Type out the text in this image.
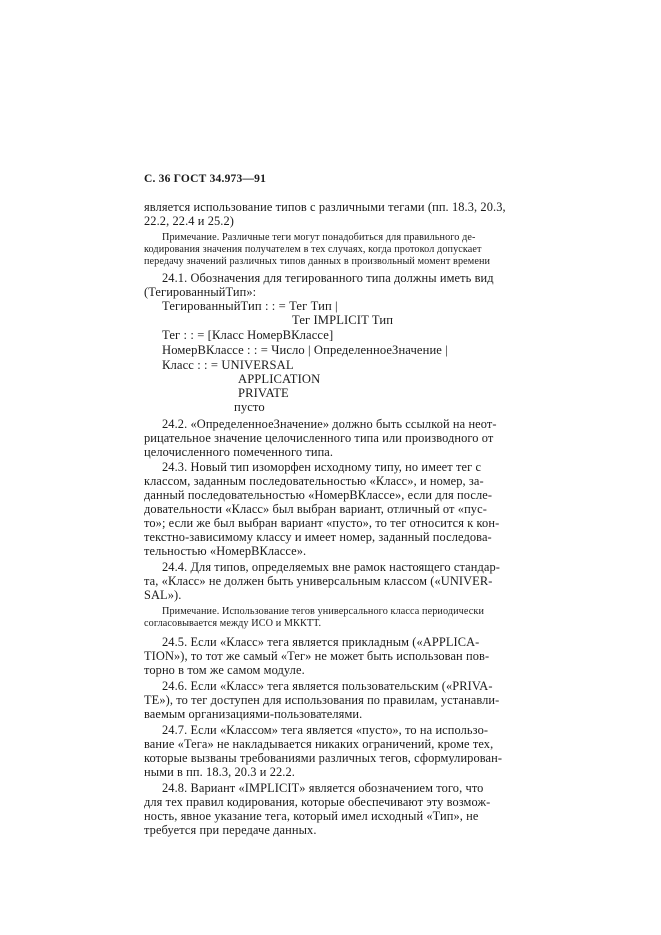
С. 36 ГОСТ 34.973—91

является использование типов с различными тегами (пп. 18.3, 20.3,

22.2, 22.4 и 25.2)

Примечание. Различные теги могут понадобиться для правильного де-

кодирования значения получателем в тех случаях, когда протокол допускает

передачу значений различных типов данных в произвольный момент времени

24.1. Обозначения для тегированного типа должны иметь вид

(ТегированныйТип»:

ТегированныйТип : : = Тег Тип |

Тег IMPLICIT Тип

Тег : : = [Класс НомерВКлассе]

НомерВКлассе : : = Число | ОпределенноеЗначение |

Класс : : = UNIVERSAL

APPLICATION

PRIVATE

пусто

24.2. «ОпределенноеЗначение» должно быть ссылкой на неот-

рицательное значение целочисленного типа или производного от

целочисленного помеченного типа.

24.3. Новый тип изоморфен исходному типу, но имеет тег с

классом, заданным последовательностью «Класс», и номер, за-

данный последовательностью «НомерВКлассе», если для после-

довательности «Класс» был выбран вариант, отличный от «пус-

то»; если же был выбран вариант «пусто», то тег относится к кон-

текстно-зависимому классу и имеет номер, заданный последова-

тельностью «НомерВКлассе».

24.4. Для типов, определяемых вне рамок настоящего стандар-

та, «Класс» не должен быть универсальным классом («UNIVER-

SAL»).

Примечание. Использование тегов универсального класса периодически

согласовывается между ИСО и МККТТ.

24.5. Если «Класс» тега является прикладным («APPLICA-

TION»), то тот же самый «Тег» не может быть использован пов-

торно в том же самом модуле.

24.6. Если «Класс» тега является пользовательским («PRIVA-

TE»), то тег доступен для использования по правилам, устанавли-

ваемым организациями-пользователями.

24.7. Если «Классом» тега является «пусто», то на использо-

вание «Тега» не накладывается никаких ограничений, кроме тех,

которые вызваны требованиями различных тегов, сформулирован-

ными в пп. 18.3, 20.3 и 22.2.

24.8. Вариант «IMPLICIT» является обозначением того, что

для тех правил кодирования, которые обеспечивают эту возмож-

ность, явное указание тега, который имел исходный «Тип», не

требуется при передаче данных.
